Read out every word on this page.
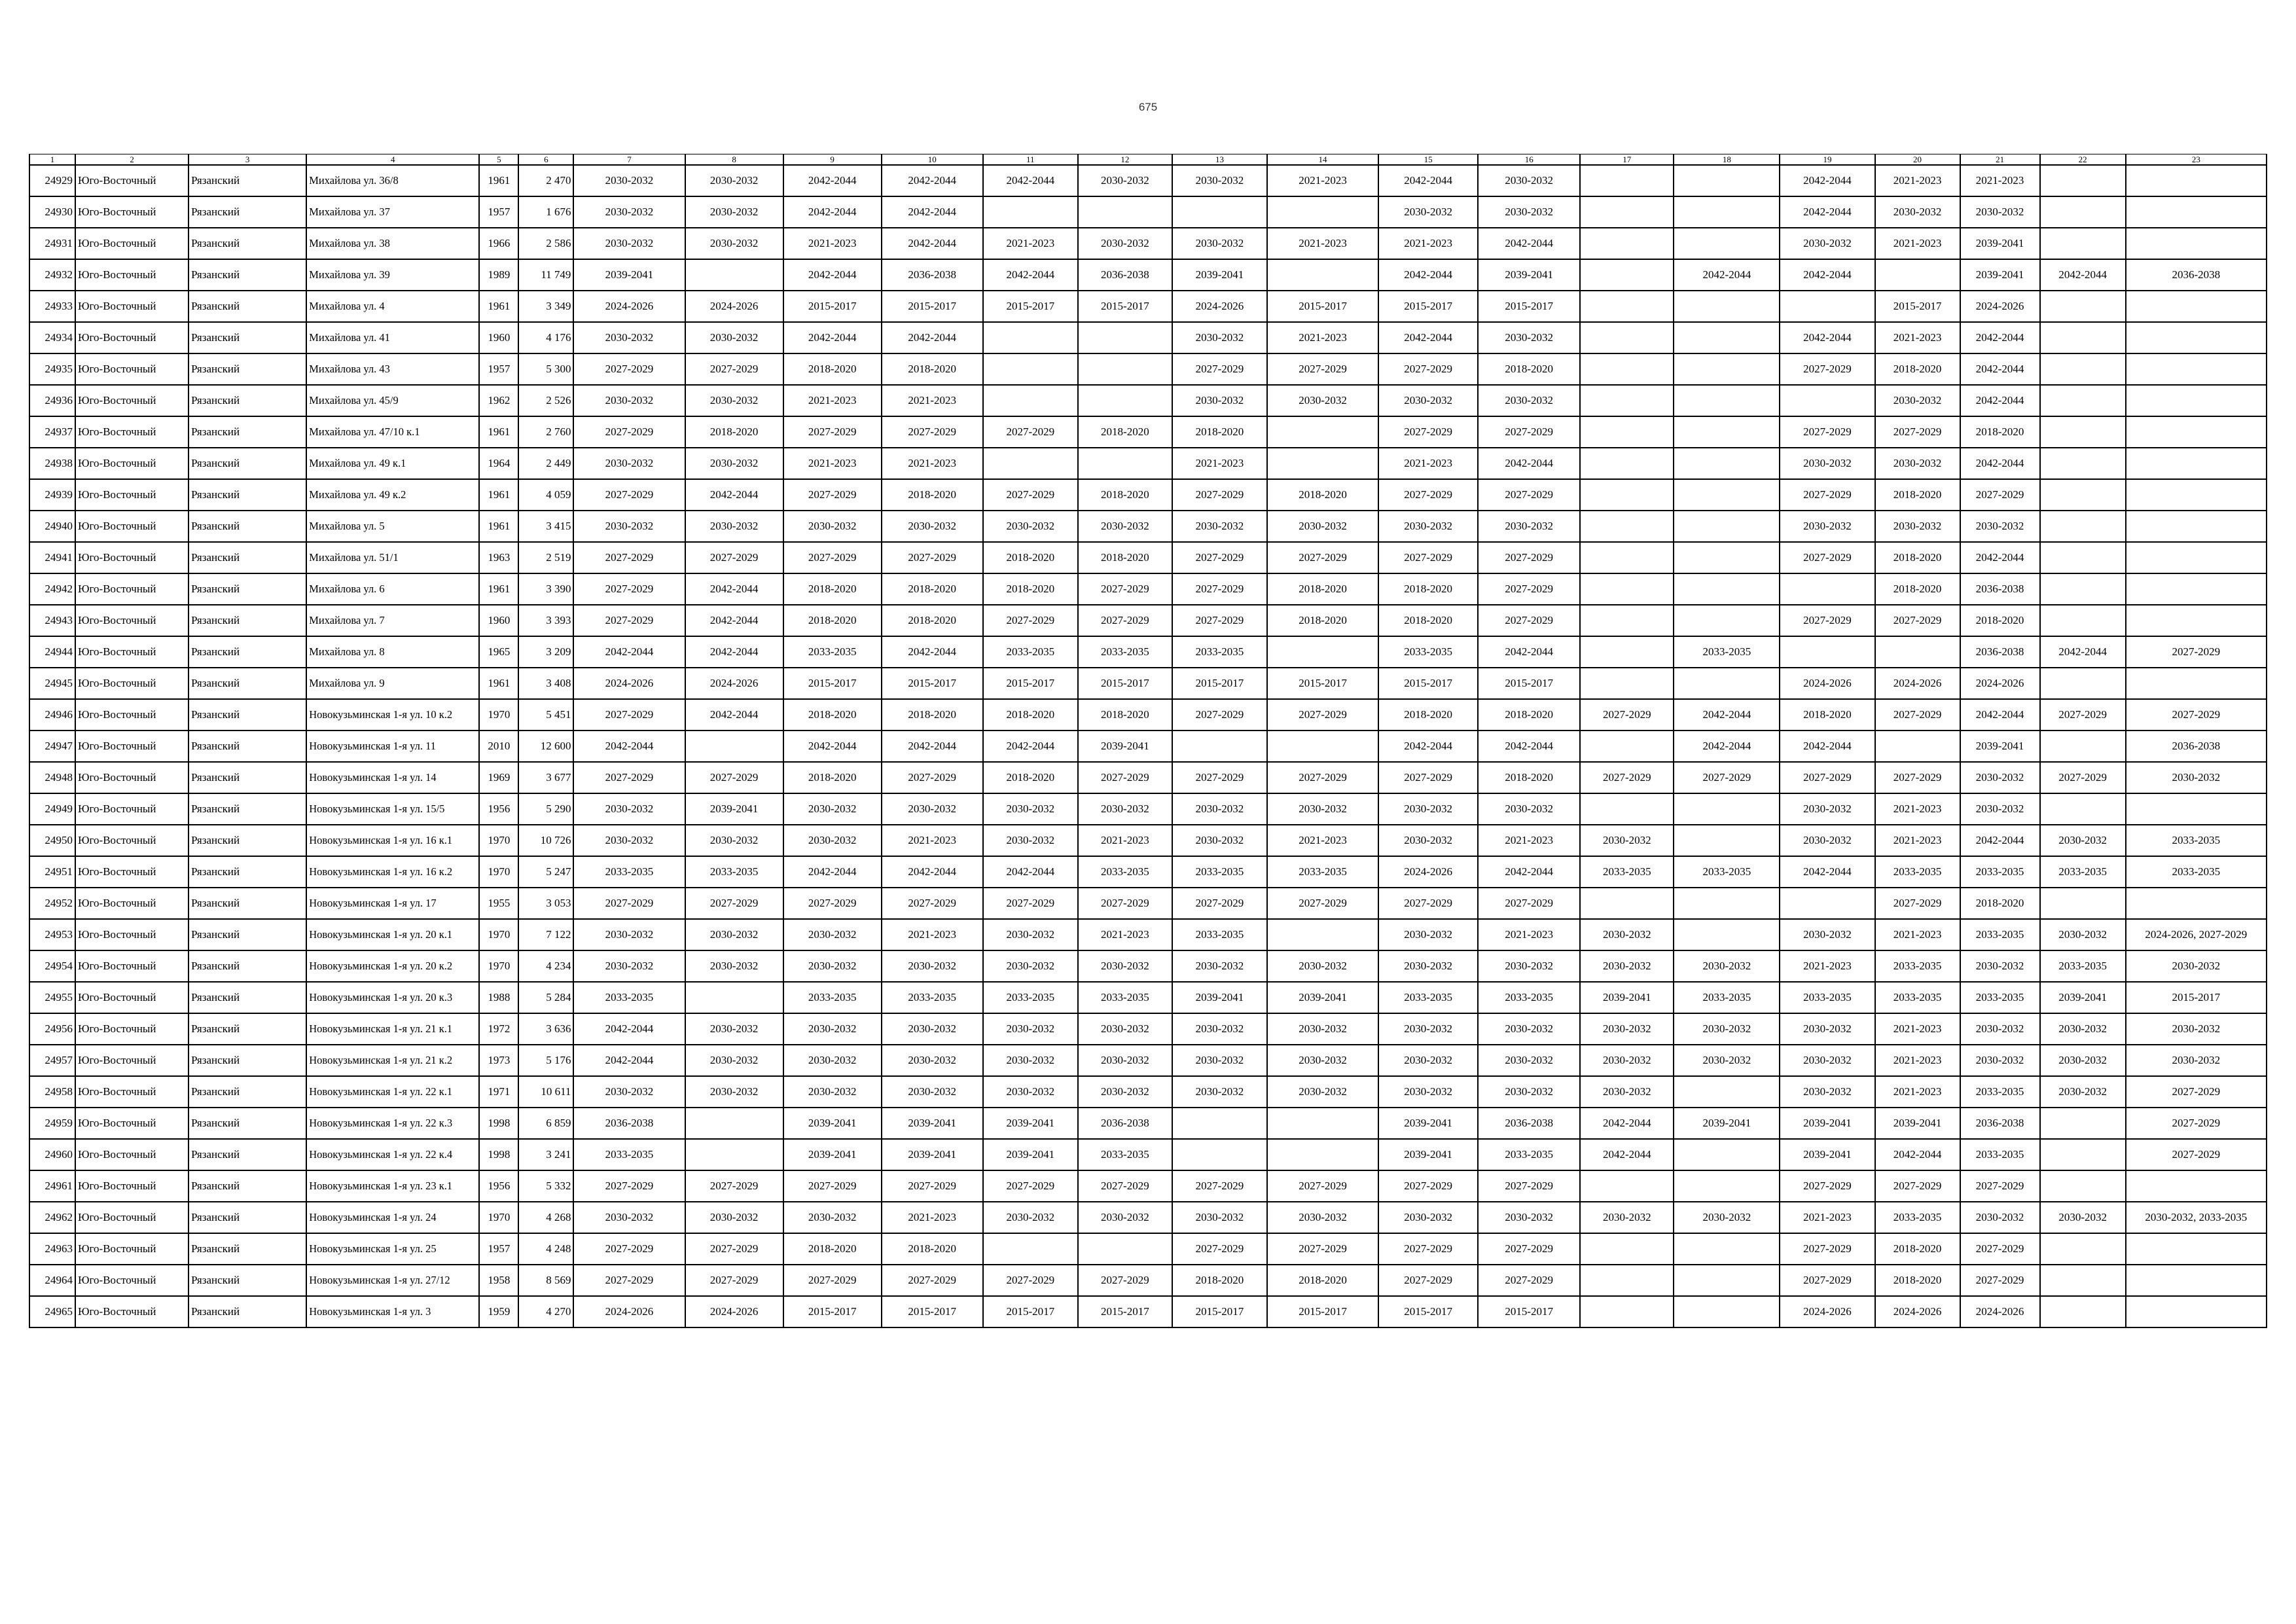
675
1	2	3	4	5	6	7	8	9	10	11	12	13	14	15	16	17	18	19	20	21	22	23
24929	Юго-Восточный	Рязанский	Михайлова ул. 36/8	1961	2 470	2030-2032	2030-2032	2042-2044	2042-2044	2042-2044	2030-2032	2030-2032	2021-2023	2042-2044	2030-2032			2042-2044	2021-2023	2021-2023		
24930	Юго-Восточный	Рязанский	Михайлова ул. 37	1957	1 676	2030-2032	2030-2032	2042-2044	2042-2044					2030-2032	2030-2032			2042-2044	2030-2032	2030-2032		
24931	Юго-Восточный	Рязанский	Михайлова ул. 38	1966	2 586	2030-2032	2030-2032	2021-2023	2042-2044	2021-2023	2030-2032	2030-2032	2021-2023	2021-2023	2042-2044			2030-2032	2021-2023	2039-2041		
24932	Юго-Восточный	Рязанский	Михайлова ул. 39	1989	11 749	2039-2041		2042-2044	2036-2038	2042-2044	2036-2038	2039-2041		2042-2044	2039-2041		2042-2044	2042-2044		2039-2041	2042-2044	2036-2038
24933	Юго-Восточный	Рязанский	Михайлова ул. 4	1961	3 349	2024-2026	2024-2026	2015-2017	2015-2017	2015-2017	2015-2017	2024-2026	2015-2017	2015-2017	2015-2017				2015-2017	2024-2026		
24934	Юго-Восточный	Рязанский	Михайлова ул. 41	1960	4 176	2030-2032	2030-2032	2042-2044	2042-2044			2030-2032	2021-2023	2042-2044	2030-2032			2042-2044	2021-2023	2042-2044		
24935	Юго-Восточный	Рязанский	Михайлова ул. 43	1957	5 300	2027-2029	2027-2029	2018-2020	2018-2020			2027-2029	2027-2029	2027-2029	2018-2020			2027-2029	2018-2020	2042-2044		
24936	Юго-Восточный	Рязанский	Михайлова ул. 45/9	1962	2 526	2030-2032	2030-2032	2021-2023	2021-2023			2030-2032	2030-2032	2030-2032	2030-2032				2030-2032	2042-2044		
24937	Юго-Восточный	Рязанский	Михайлова ул. 47/10 к.1	1961	2 760	2027-2029	2018-2020	2027-2029	2027-2029	2027-2029	2018-2020	2018-2020		2027-2029	2027-2029			2027-2029	2027-2029	2018-2020		
24938	Юго-Восточный	Рязанский	Михайлова ул. 49 к.1	1964	2 449	2030-2032	2030-2032	2021-2023	2021-2023			2021-2023		2021-2023	2042-2044			2030-2032	2030-2032	2042-2044		
24939	Юго-Восточный	Рязанский	Михайлова ул. 49 к.2	1961	4 059	2027-2029	2042-2044	2027-2029	2018-2020	2027-2029	2018-2020	2027-2029	2018-2020	2027-2029	2027-2029			2027-2029	2018-2020	2027-2029		
24940	Юго-Восточный	Рязанский	Михайлова ул. 5	1961	3 415	2030-2032	2030-2032	2030-2032	2030-2032	2030-2032	2030-2032	2030-2032	2030-2032	2030-2032	2030-2032			2030-2032	2030-2032	2030-2032		
24941	Юго-Восточный	Рязанский	Михайлова ул. 51/1	1963	2 519	2027-2029	2027-2029	2027-2029	2027-2029	2018-2020	2018-2020	2027-2029	2027-2029	2027-2029	2027-2029			2027-2029	2018-2020	2042-2044		
24942	Юго-Восточный	Рязанский	Михайлова ул. 6	1961	3 390	2027-2029	2042-2044	2018-2020	2018-2020	2018-2020	2027-2029	2027-2029	2018-2020	2018-2020	2027-2029				2018-2020	2036-2038		
24943	Юго-Восточный	Рязанский	Михайлова ул. 7	1960	3 393	2027-2029	2042-2044	2018-2020	2018-2020	2027-2029	2027-2029	2027-2029	2018-2020	2018-2020	2027-2029			2027-2029	2027-2029	2018-2020		
24944	Юго-Восточный	Рязанский	Михайлова ул. 8	1965	3 209	2042-2044	2042-2044	2033-2035	2042-2044	2033-2035	2033-2035	2033-2035		2033-2035	2042-2044		2033-2035			2036-2038	2042-2044	2027-2029
24945	Юго-Восточный	Рязанский	Михайлова ул. 9	1961	3 408	2024-2026	2024-2026	2015-2017	2015-2017	2015-2017	2015-2017	2015-2017	2015-2017	2015-2017	2015-2017			2024-2026	2024-2026	2024-2026		
24946	Юго-Восточный	Рязанский	Новокузьминская 1-я ул. 10 к.2	1970	5 451	2027-2029	2042-2044	2018-2020	2018-2020	2018-2020	2018-2020	2027-2029	2027-2029	2018-2020	2018-2020	2027-2029	2042-2044	2018-2020	2027-2029	2042-2044	2027-2029	2027-2029
24947	Юго-Восточный	Рязанский	Новокузьминская 1-я ул. 11	2010	12 600	2042-2044		2042-2044	2042-2044	2042-2044	2039-2041			2042-2044	2042-2044		2042-2044	2042-2044		2039-2041		2036-2038
24948	Юго-Восточный	Рязанский	Новокузьминская 1-я ул. 14	1969	3 677	2027-2029	2027-2029	2018-2020	2027-2029	2018-2020	2027-2029	2027-2029	2027-2029	2027-2029	2018-2020	2027-2029	2027-2029	2027-2029	2027-2029	2030-2032	2027-2029	2030-2032
24949	Юго-Восточный	Рязанский	Новокузьминская 1-я ул. 15/5	1956	5 290	2030-2032	2039-2041	2030-2032	2030-2032	2030-2032	2030-2032	2030-2032	2030-2032	2030-2032	2030-2032			2030-2032	2021-2023	2030-2032		
24950	Юго-Восточный	Рязанский	Новокузьминская 1-я ул. 16 к.1	1970	10 726	2030-2032	2030-2032	2030-2032	2021-2023	2030-2032	2021-2023	2030-2032	2021-2023	2030-2032	2021-2023	2030-2032		2030-2032	2021-2023	2042-2044	2030-2032	2033-2035
24951	Юго-Восточный	Рязанский	Новокузьминская 1-я ул. 16 к.2	1970	5 247	2033-2035	2033-2035	2042-2044	2042-2044	2042-2044	2033-2035	2033-2035	2033-2035	2024-2026	2042-2044	2033-2035	2033-2035	2042-2044	2033-2035	2033-2035	2033-2035	2033-2035
24952	Юго-Восточный	Рязанский	Новокузьминская 1-я ул. 17	1955	3 053	2027-2029	2027-2029	2027-2029	2027-2029	2027-2029	2027-2029	2027-2029	2027-2029	2027-2029	2027-2029				2027-2029	2018-2020		
24953	Юго-Восточный	Рязанский	Новокузьминская 1-я ул. 20 к.1	1970	7 122	2030-2032	2030-2032	2030-2032	2021-2023	2030-2032	2021-2023	2033-2035		2030-2032	2021-2023	2030-2032		2030-2032	2021-2023	2033-2035	2030-2032	2024-2026, 2027-2029
24954	Юго-Восточный	Рязанский	Новокузьминская 1-я ул. 20 к.2	1970	4 234	2030-2032	2030-2032	2030-2032	2030-2032	2030-2032	2030-2032	2030-2032	2030-2032	2030-2032	2030-2032	2030-2032	2030-2032	2021-2023	2033-2035	2030-2032	2033-2035	2030-2032
24955	Юго-Восточный	Рязанский	Новокузьминская 1-я ул. 20 к.3	1988	5 284	2033-2035		2033-2035	2033-2035	2033-2035	2033-2035	2039-2041	2039-2041	2033-2035	2033-2035	2039-2041	2033-2035	2033-2035	2033-2035	2033-2035	2039-2041	2015-2017
24956	Юго-Восточный	Рязанский	Новокузьминская 1-я ул. 21 к.1	1972	3 636	2042-2044	2030-2032	2030-2032	2030-2032	2030-2032	2030-2032	2030-2032	2030-2032	2030-2032	2030-2032	2030-2032	2030-2032	2030-2032	2021-2023	2030-2032	2030-2032	2030-2032
24957	Юго-Восточный	Рязанский	Новокузьминская 1-я ул. 21 к.2	1973	5 176	2042-2044	2030-2032	2030-2032	2030-2032	2030-2032	2030-2032	2030-2032	2030-2032	2030-2032	2030-2032	2030-2032	2030-2032	2030-2032	2021-2023	2030-2032	2030-2032	2030-2032
24958	Юго-Восточный	Рязанский	Новокузьминская 1-я ул. 22 к.1	1971	10 611	2030-2032	2030-2032	2030-2032	2030-2032	2030-2032	2030-2032	2030-2032	2030-2032	2030-2032	2030-2032	2030-2032		2030-2032	2021-2023	2033-2035	2030-2032	2027-2029
24959	Юго-Восточный	Рязанский	Новокузьминская 1-я ул. 22 к.3	1998	6 859	2036-2038		2039-2041	2039-2041	2039-2041	2036-2038			2039-2041	2036-2038	2042-2044	2039-2041	2039-2041	2039-2041	2036-2038		2027-2029
24960	Юго-Восточный	Рязанский	Новокузьминская 1-я ул. 22 к.4	1998	3 241	2033-2035		2039-2041	2039-2041	2039-2041	2033-2035			2039-2041	2033-2035	2042-2044		2039-2041	2042-2044	2033-2035		2027-2029
24961	Юго-Восточный	Рязанский	Новокузьминская 1-я ул. 23 к.1	1956	5 332	2027-2029	2027-2029	2027-2029	2027-2029	2027-2029	2027-2029	2027-2029	2027-2029	2027-2029	2027-2029			2027-2029	2027-2029	2027-2029		
24962	Юго-Восточный	Рязанский	Новокузьминская 1-я ул. 24	1970	4 268	2030-2032	2030-2032	2030-2032	2021-2023	2030-2032	2030-2032	2030-2032	2030-2032	2030-2032	2030-2032	2030-2032	2030-2032	2021-2023	2033-2035	2030-2032	2030-2032	2030-2032, 2033-2035
24963	Юго-Восточный	Рязанский	Новокузьминская 1-я ул. 25	1957	4 248	2027-2029	2027-2029	2018-2020	2018-2020			2027-2029	2027-2029	2027-2029	2027-2029			2027-2029	2018-2020	2027-2029		
24964	Юго-Восточный	Рязанский	Новокузьминская 1-я ул. 27/12	1958	8 569	2027-2029	2027-2029	2027-2029	2027-2029	2027-2029	2027-2029	2018-2020	2018-2020	2027-2029	2027-2029			2027-2029	2018-2020	2027-2029		
24965	Юго-Восточный	Рязанский	Новокузьминская 1-я ул. 3	1959	4 270	2024-2026	2024-2026	2015-2017	2015-2017	2015-2017	2015-2017	2015-2017	2015-2017	2015-2017	2015-2017			2024-2026	2024-2026	2024-2026		
